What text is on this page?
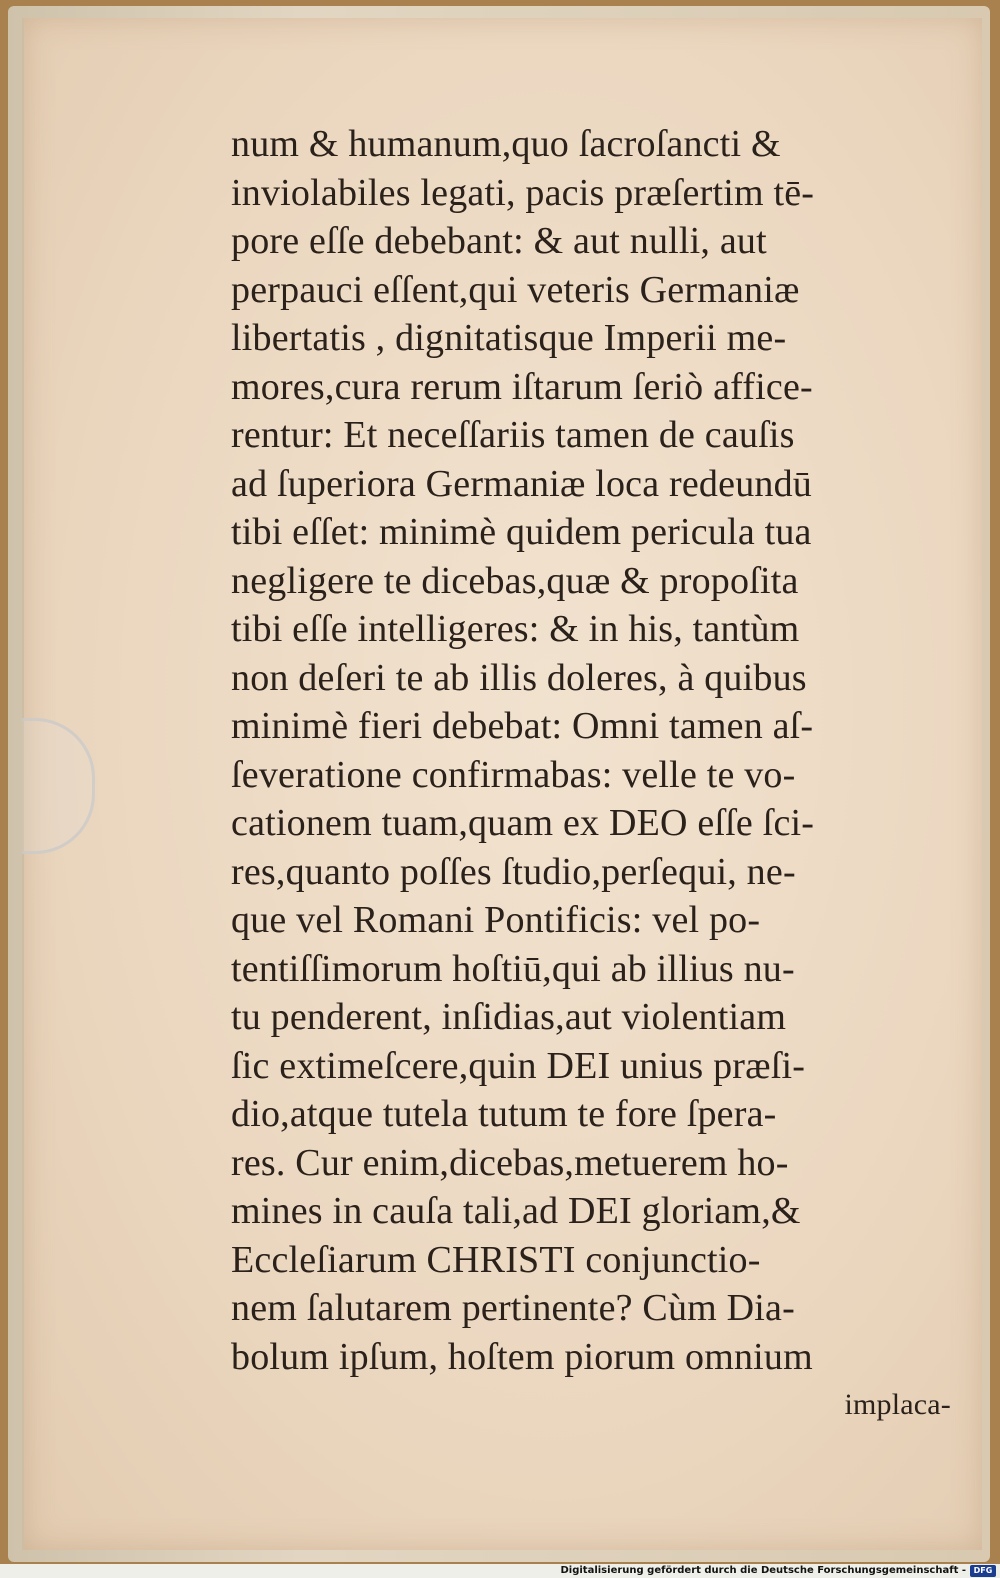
num & humanum,quo ſacroſancti &
inviolabiles legati, pacis præſertim tē-
pore eſſe debebant: & aut nulli, aut
perpauci eſſent,qui veteris Germaniæ
libertatis , dignitatisque Imperii me-
mores,cura rerum iſtarum ſeriò affice-
rentur: Et neceſſariis tamen de cauſis
ad ſuperiora Germaniæ loca redeundū
tibi eſſet: minimè quidem pericula tua
negligere te dicebas,quæ & propoſita
tibi eſſe intelligeres: & in his, tantùm
non deſeri te ab illis doleres, à quibus
minimè fieri debebat: Omni tamen aſ-
ſeveratione confirmabas: velle te vo-
cationem tuam,quam ex DEO eſſe ſci-
res,quanto poſſes ſtudio,perſequi, ne-
que vel Romani Pontificis: vel po-
tentiſſimorum hoſtiū,qui ab illius nu-
tu penderent, inſidias,aut violentiam
ſic extimeſcere,quin DEI unius præſi-
dio,atque tutela tutum te fore ſpera-
res. Cur enim,dicebas,metuerem ho-
mines in cauſa tali,ad DEI gloriam,&
Eccleſiarum CHRISTI conjunctio-
nem ſalutarem pertinente? Cùm Dia-
bolum ipſum, hoſtem piorum omnium
implaca-
Digitalisierung gefördert durch die Deutsche Forschungsgemeinschaft - DFG
